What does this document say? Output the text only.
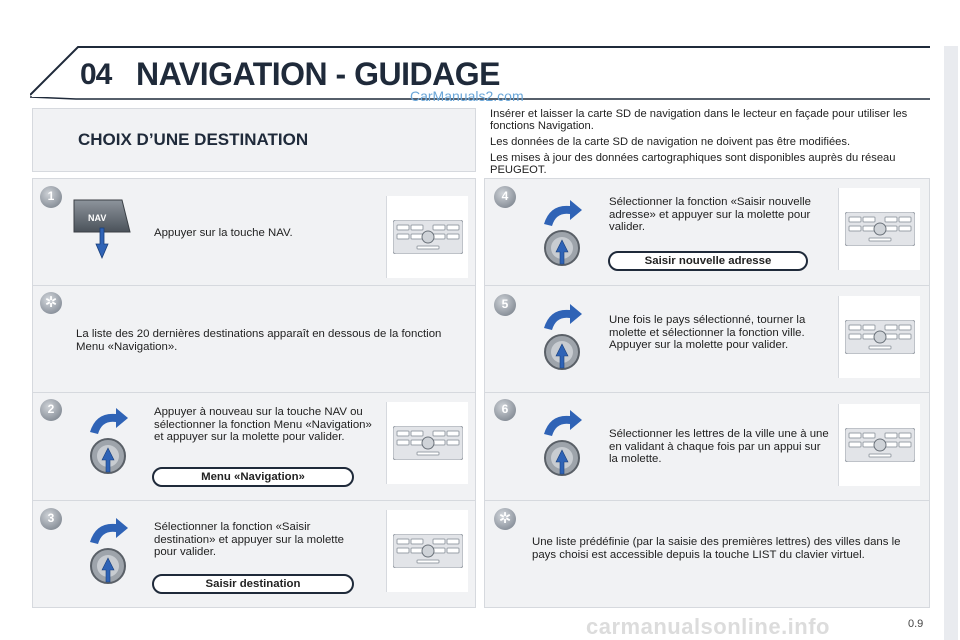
04 NAVIGATION - GUIDAGE
CarManuals2.com
CHOIX D’UNE DESTINATION
1
NAV
Appuyer sur la touche NAV.
✲
La liste des 20 dernières destinations apparaît en dessous de la fonction Menu «Navigation».
2	Appuyer à nouveau sur la touche NAV ou sélectionner la fonction Menu «Navigation» et appuyer sur la molette pour valider.
Menu «Navigation»
3
Sélectionner la fonction «Saisir destination» et appuyer sur la molette pour valider.
Saisir destination

Insérer et laisser la carte SD de navigation dans le lecteur en façade pour utiliser les fonctions Navigation.

Les données de la carte SD de navigation ne doivent pas être modifiées.

Les mises à jour des données cartographiques sont disponibles auprès du réseau PEUGEOT.

4	Sélectionner la fonction «Saisir nouvelle adresse» et appuyer sur la molette pour valider.
Saisir nouvelle adresse
5
Une fois le pays sélectionné, tourner la molette et sélectionner la fonction ville. Appuyer sur la molette pour valider.
6
Sélectionner les lettres de la ville une à une en validant à chaque fois par un appui sur la molette.
✲
Une liste prédéfinie (par la saisie des premières lettres) des villes dans le pays choisi est accessible depuis la touche LIST du clavier virtuel.
carmanualsonline.info	0.9
